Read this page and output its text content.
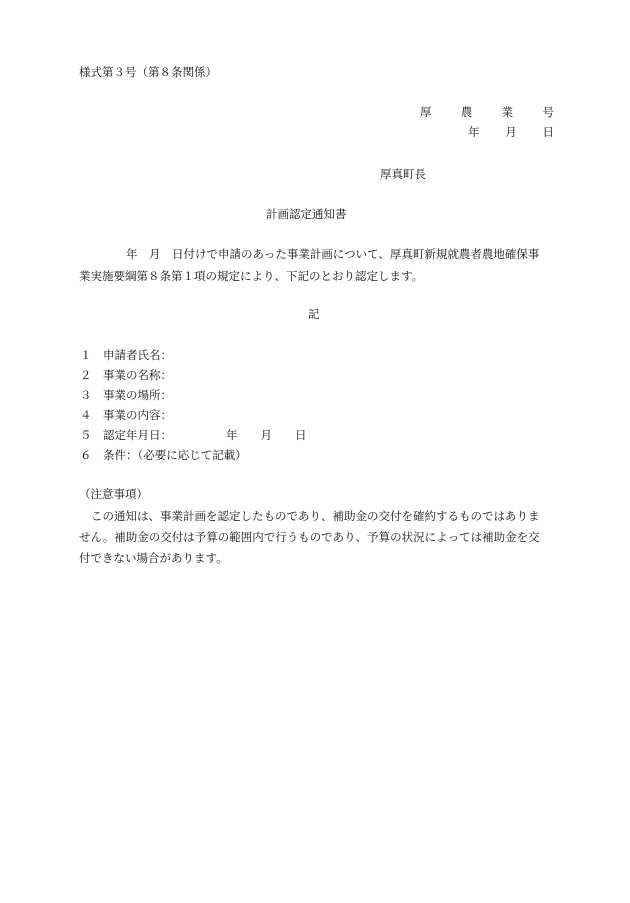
様式第３号（第８条関係）
厚	農	業	号
年 月 日
厚真町長
計画認定通知書
年　月　日付けで申請のあった事業計画について、厚真町新規就農者農地確保事
業実施要綱第８条第１項の規定により、下記のとおり認定します。
記
１	申請者氏名：
２	事業の名称：
３	事業の場所：
４	事業の内容：
５	認定年月日：	年　　月　　日
６	条件：（必要に応じて記載）
（注意事項）
この通知は、事業計画を認定したものであり、補助金の交付を確約するものではありま
せん。補助金の交付は予算の範囲内で行うものであり、予算の状況によっては補助金を交
付できない場合があります。
